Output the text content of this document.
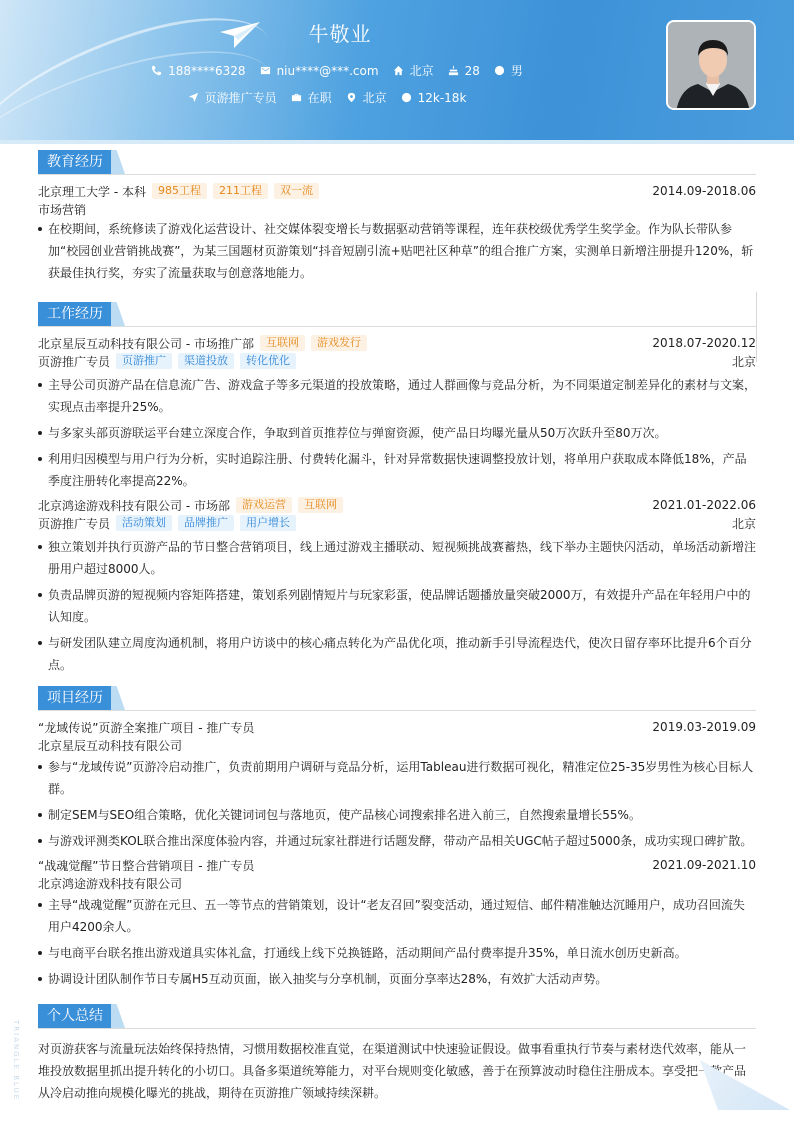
牛敬业
188****6328	niu****@***.com	北京	28	男
页游推广专员	在职	北京	12k-18k
教育经历
北京理工大学 - 本科	985工程	211工程	双一流	2014.09-2018.06
市场营销
在校期间，系统修读了游戏化运营设计、社交媒体裂变增长与数据驱动营销等课程，连年获校级优秀学生奖学金。作为队长带队参加“校园创业营销挑战赛”，为某三国题材页游策划“抖音短剧引流+贴吧社区种草”的组合推广方案，实测单日新增注册提升120%，斩获最佳执行奖，夯实了流量获取与创意落地能力。
工作经历
北京星辰互动科技有限公司 - 市场推广部	互联网	游戏发行	2018.07-2020.12
页游推广专员	页游推广	渠道投放	转化优化	北京
主导公司页游产品在信息流广告、游戏盒子等多元渠道的投放策略，通过人群画像与竞品分析，为不同渠道定制差异化的素材与文案，实现点击率提升25%。
与多家头部页游联运平台建立深度合作，争取到首页推荐位与弹窗资源，使产品日均曝光量从50万次跃升至80万次。
利用归因模型与用户行为分析，实时追踪注册、付费转化漏斗，针对异常数据快速调整投放计划，将单用户获取成本降低18%，产品季度注册转化率提高22%。
北京鸿途游戏科技有限公司 - 市场部	游戏运营	互联网	2021.01-2022.06
页游推广专员	活动策划	品牌推广	用户增长	北京
独立策划并执行页游产品的节日整合营销项目，线上通过游戏主播联动、短视频挑战赛蓄热，线下举办主题快闪活动，单场活动新增注册用户超过8000人。
负责品牌页游的短视频内容矩阵搭建，策划系列剧情短片与玩家彩蛋，使品牌话题播放量突破2000万，有效提升产品在年轻用户中的认知度。
与研发团队建立周度沟通机制，将用户访谈中的核心痛点转化为产品优化项，推动新手引导流程迭代，使次日留存率环比提升6个百分点。
项目经历
“龙域传说”页游全案推广项目 - 推广专员	2019.03-2019.09
北京星辰互动科技有限公司
参与“龙域传说”页游冷启动推广，负责前期用户调研与竞品分析，运用Tableau进行数据可视化，精准定位25-35岁男性为核心目标人群。
制定SEM与SEO组合策略，优化关键词词包与落地页，使产品核心词搜索排名进入前三，自然搜索量增长55%。
与游戏评测类KOL联合推出深度体验内容，并通过玩家社群进行话题发酵，带动产品相关UGC帖子超过5000条，成功实现口碑扩散。
“战魂觉醒”节日整合营销项目 - 推广专员	2021.09-2021.10
北京鸿途游戏科技有限公司
主导“战魂觉醒”页游在元旦、五一等节点的营销策划，设计“老友召回”裂变活动，通过短信、邮件精准触达沉睡用户，成功召回流失用户4200余人。
与电商平台联名推出游戏道具实体礼盒，打通线上线下兑换链路，活动期间产品付费率提升35%，单日流水创历史新高。
协调设计团队制作节日专属H5互动页面，嵌入抽奖与分享机制，页面分享率达28%，有效扩大活动声势。
个人总结

对页游获客与流量玩法始终保持热情，习惯用数据校准直觉，在渠道测试中快速验证假设。做事看重执行节奏与素材迭代效率，能从一堆投放数据里抓出提升转化的小切口。具备多渠道统筹能力，对平台规则变化敏感，善于在预算波动时稳住注册成本。享受把一款产品从冷启动推向规模化曝光的挑战，期待在页游推广领域持续深耕。

TRIANGLE BLUE
